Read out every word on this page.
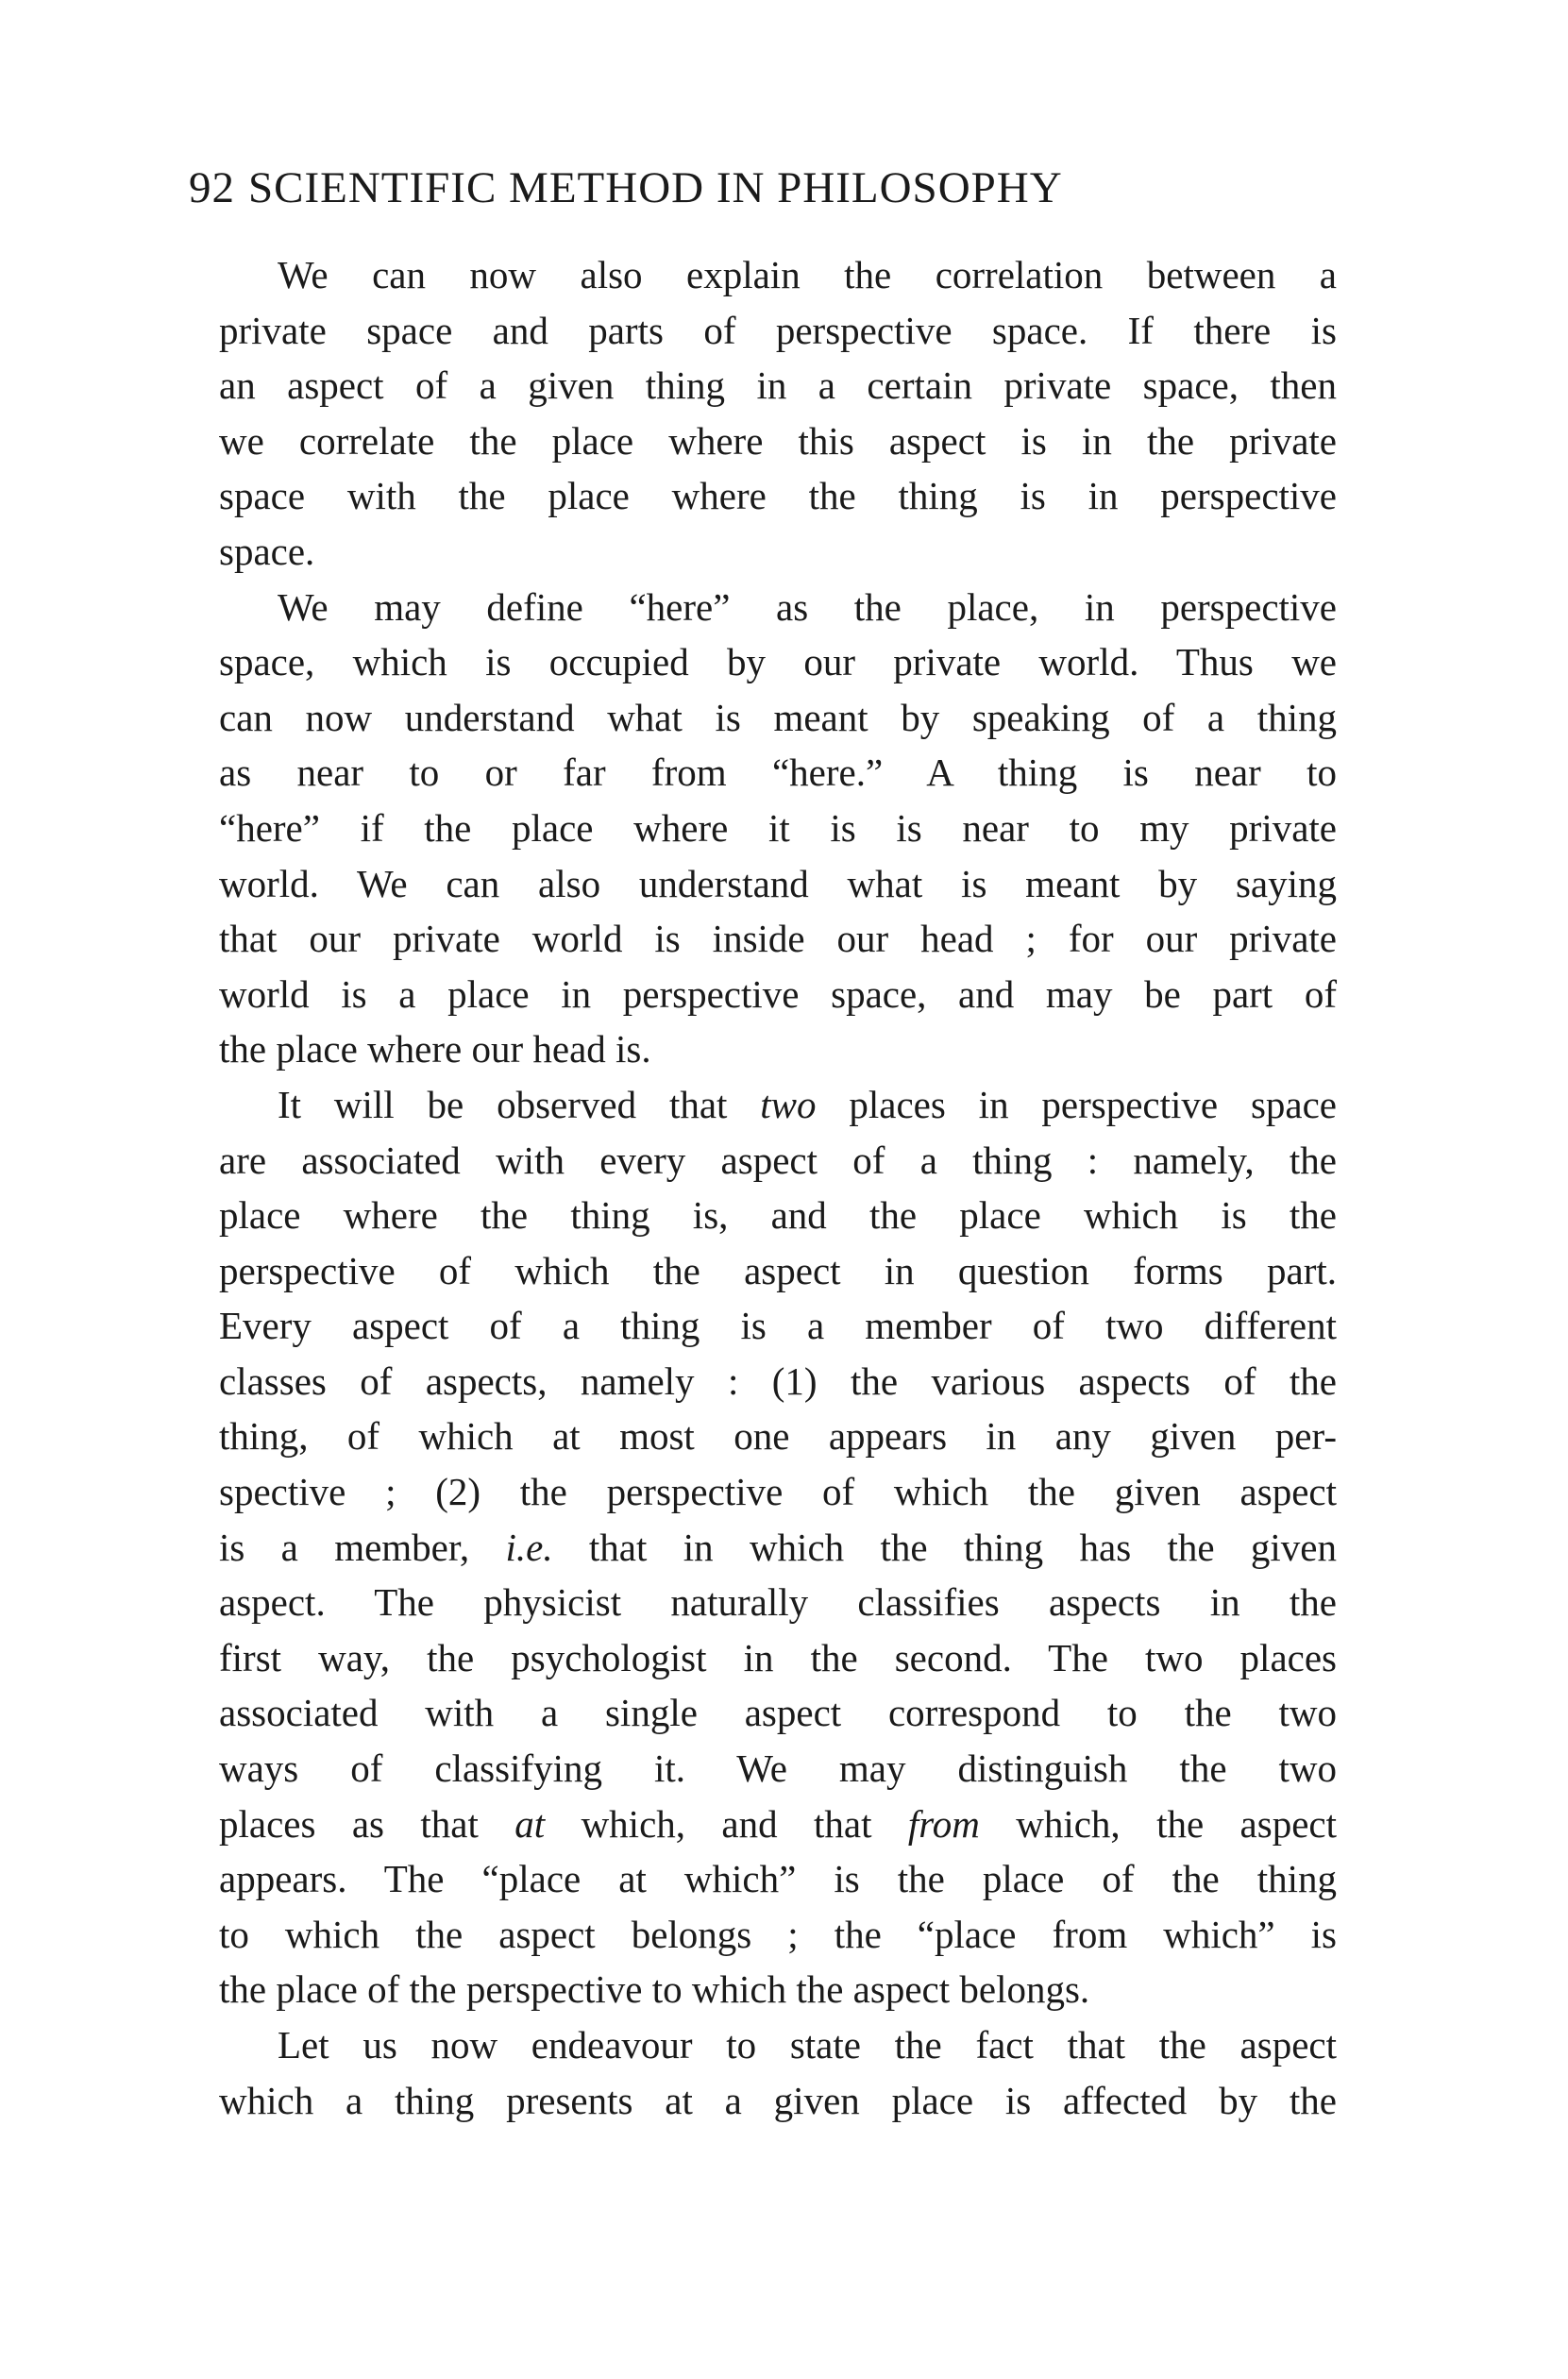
92 SCIENTIFIC METHOD IN PHILOSOPHY
We can now also explain the correlation between a
private space and parts of perspective space. If there is
an aspect of a given thing in a certain private space, then
we correlate the place where this aspect is in the private
space with the place where the thing is in perspective
space.
We may define “here” as the place, in perspective
space, which is occupied by our private world. Thus we
can now understand what is meant by speaking of a thing
as near to or far from “here.” A thing is near to
“here” if the place where it is is near to my private
world. We can also understand what is meant by saying
that our private world is inside our head ; for our private
world is a place in perspective space, and may be part of
the place where our head is.
It will be observed that two places in perspective space
are associated with every aspect of a thing : namely, the
place where the thing is, and the place which is the
perspective of which the aspect in question forms part.
Every aspect of a thing is a member of two different
classes of aspects, namely : (1) the various aspects of the
thing, of which at most one appears in any given per-
spective ; (2) the perspective of which the given aspect
is a member, i.e. that in which the thing has the given
aspect. The physicist naturally classifies aspects in the
first way, the psychologist in the second. The two places
associated with a single aspect correspond to the two
ways of classifying it. We may distinguish the two
places as that at which, and that from which, the aspect
appears. The “place at which” is the place of the thing
to which the aspect belongs ; the “place from which” is
the place of the perspective to which the aspect belongs.
Let us now endeavour to state the fact that the aspect
which a thing presents at a given place is affected by the
